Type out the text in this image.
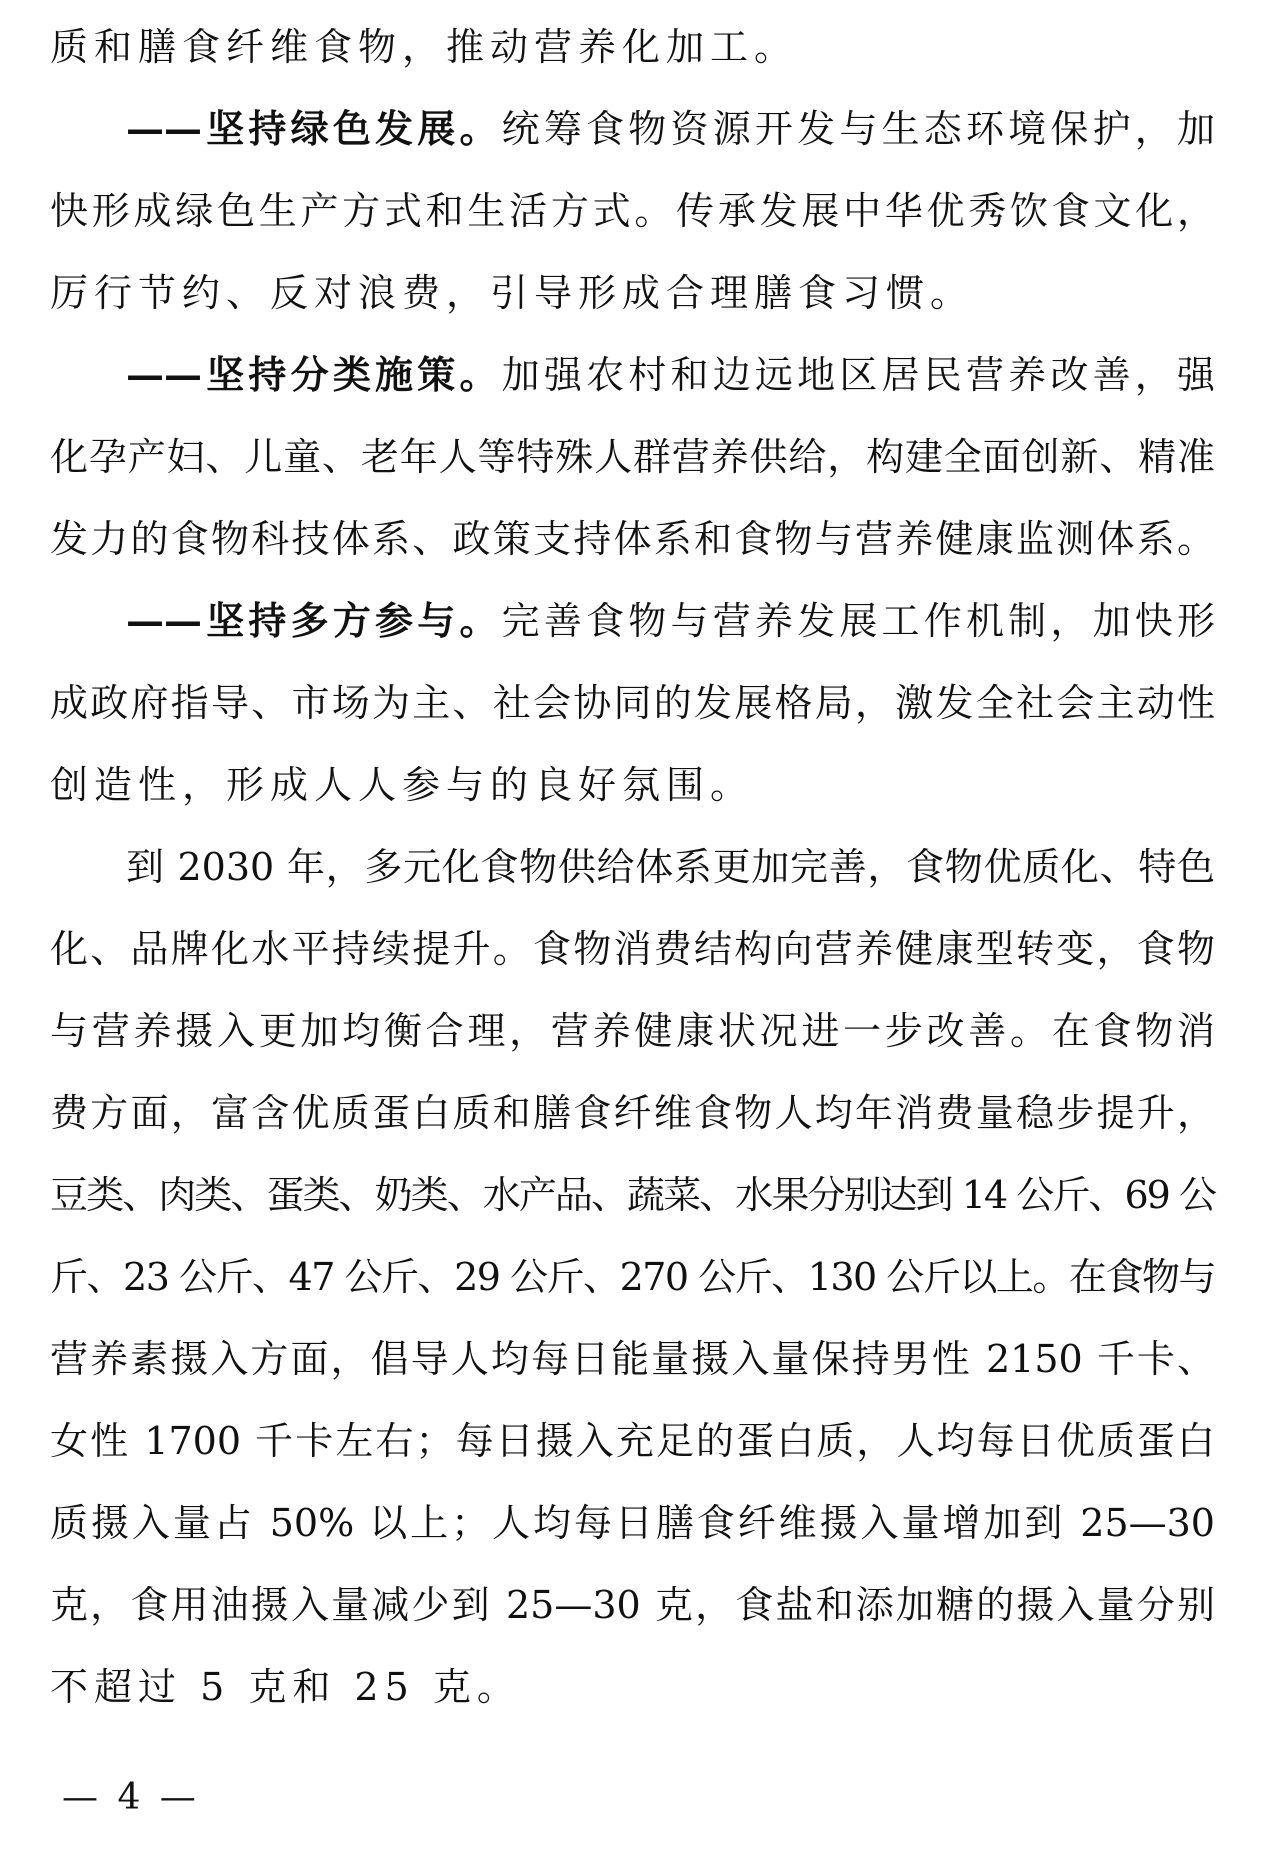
质和膳食纤维食物，推动营养化加工。
——坚持绿色发展。统筹食物资源开发与生态环境保护，加
快形成绿色生产方式和生活方式。传承发展中华优秀饮食文化，
厉行节约、反对浪费，引导形成合理膳食习惯。
——坚持分类施策。加强农村和边远地区居民营养改善，强
化孕产妇、儿童、老年人等特殊人群营养供给，构建全面创新、精准
发力的食物科技体系、政策支持体系和食物与营养健康监测体系。
——坚持多方参与。完善食物与营养发展工作机制，加快形
成政府指导、市场为主、社会协同的发展格局，激发全社会主动性
创造性，形成人人参与的良好氛围。
到 2030 年，多元化食物供给体系更加完善，食物优质化、特色
化、品牌化水平持续提升。食物消费结构向营养健康型转变，食物
与营养摄入更加均衡合理，营养健康状况进一步改善。在食物消
费方面，富含优质蛋白质和膳食纤维食物人均年消费量稳步提升，
豆类、肉类、蛋类、奶类、水产品、蔬菜、水果分别达到 14 公斤、69 公
斤、23 公斤、47 公斤、29 公斤、270 公斤、130 公斤以上。在食物与
营养素摄入方面，倡导人均每日能量摄入量保持男性 2150 千卡、
女性 1700 千卡左右；每日摄入充足的蛋白质，人均每日优质蛋白
质摄入量占 50% 以上；人均每日膳食纤维摄入量增加到 25—30
克，食用油摄入量减少到 25—30 克，食盐和添加糖的摄入量分别
不超过 5 克和 25 克。
— 4 —
